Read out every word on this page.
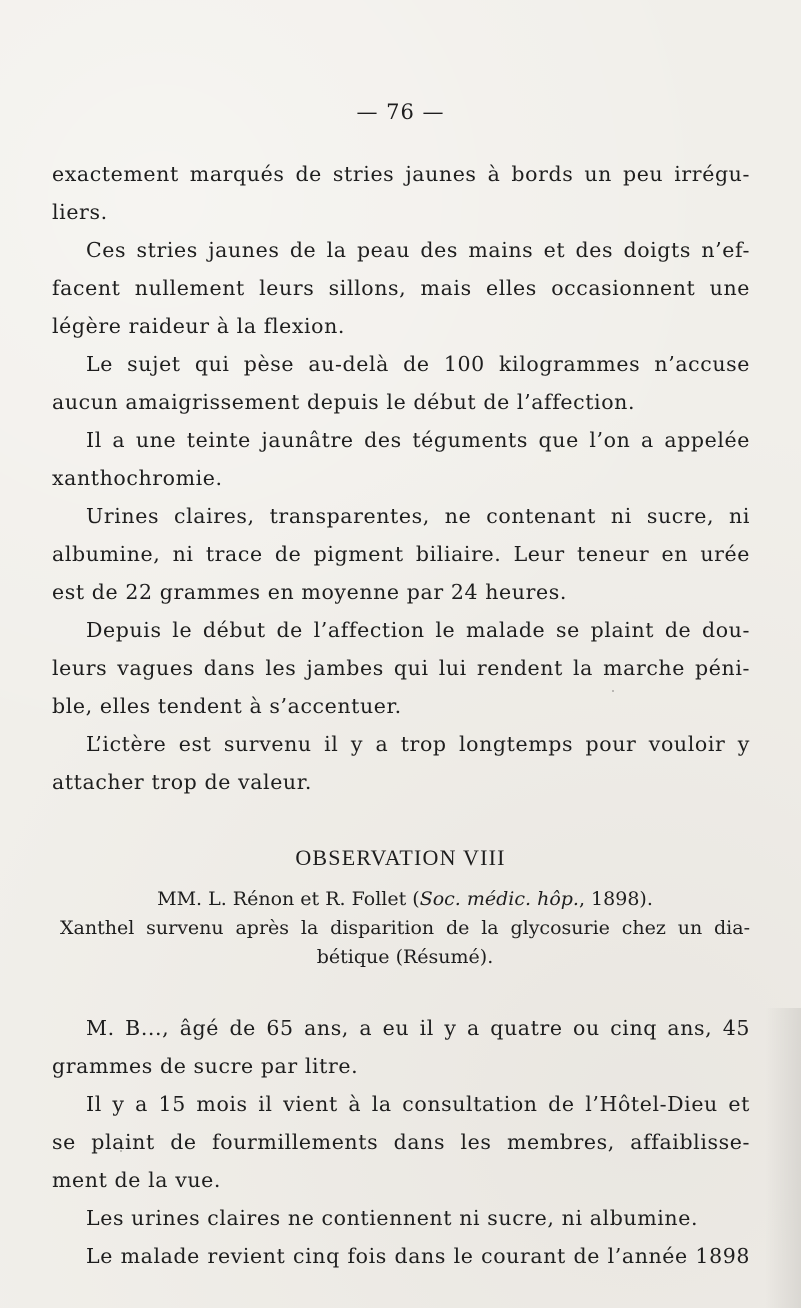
— 76 —
exactement marqués de stries jaunes à bords un peu irrégu-
liers.
Ces stries jaunes de la peau des mains et des doigts n’ef-
facent nullement leurs sillons, mais elles occasionnent une
légère raideur à la flexion.
Le sujet qui pèse au-delà de 100 kilogrammes n’accuse
aucun amaigrissement depuis le début de l’affection.
Il a une teinte jaunâtre des téguments que l’on a appelée
xanthochromie.
Urines claires, transparentes, ne contenant ni sucre, ni
albumine, ni trace de pigment biliaire. Leur teneur en urée
est de 22 grammes en moyenne par 24 heures.
Depuis le début de l’affection le malade se plaint de dou-
leurs vagues dans les jambes qui lui rendent la marche péni-
ble, elles tendent à s’accentuer.
L’ictère est survenu il y a trop longtemps pour vouloir y
attacher trop de valeur.
OBSERVATION VIII
MM. L. Rénon et R. Follet (Soc. médic. hôp., 1898).
Xanthel survenu après la disparition de la glycosurie chez un dia-
bétique (Résumé).
M. B..., âgé de 65 ans, a eu il y a quatre ou cinq ans, 45
grammes de sucre par litre.
Il y a 15 mois il vient à la consultation de l’Hôtel-Dieu et
se plaint de fourmillements dans les membres, affaiblisse-
ment de la vue.
Les urines claires ne contiennent ni sucre, ni albumine.
Le malade revient cinq fois dans le courant de l’année 1898
